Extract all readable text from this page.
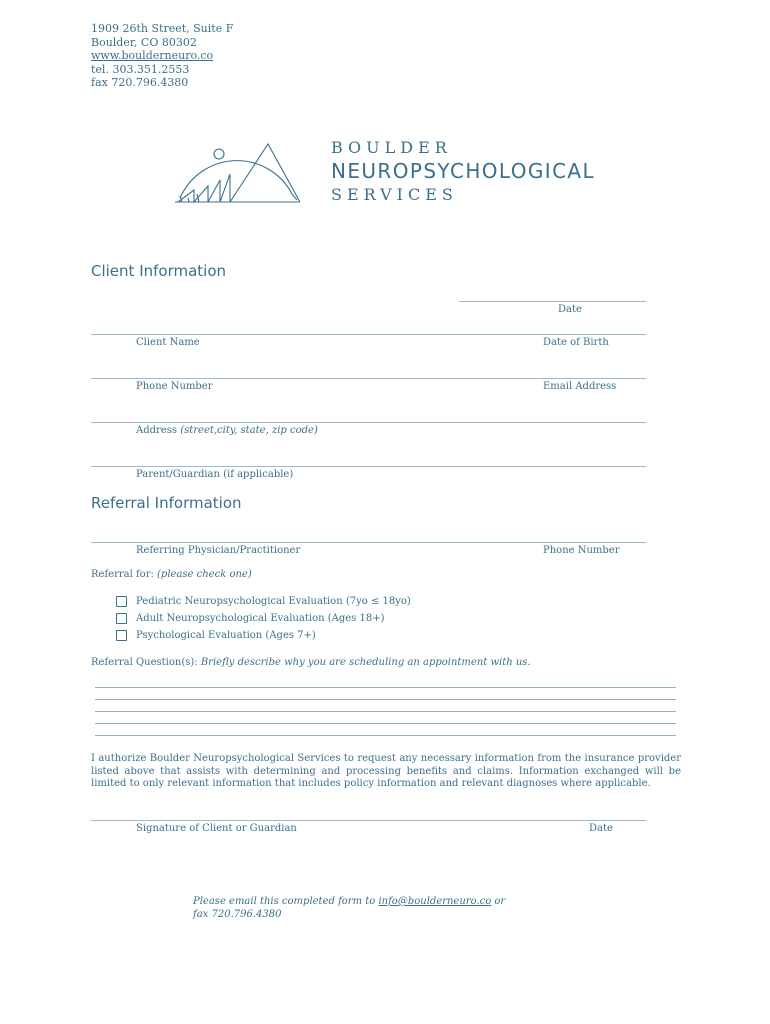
1909 26th Street, Suite F
Boulder, CO 80302
www.boulderneuro.co
tel. 303.351.2553
fax 720.796.4380
BOULDER
NEUROPSYCHOLOGICAL
SERVICES
Client Information
Date
Client Name	Date of Birth
Phone Number	Email Address
Address (street,city, state, zip code)
Parent/Guardian (if applicable)
Referral Information
Referring Physician/Practitioner	Phone Number
Referral for: (please check one)
Pediatric Neuropsychological Evaluation (7yo ≤ 18yo)
Adult Neuropsychological Evaluation (Ages 18+)
Psychological Evaluation (Ages 7+)
Referral Question(s): Briefly describe why you are scheduling an appointment with us.
I authorize Boulder Neuropsychological Services to request any necessary information from the insurance provider listed above that assists with determining and processing benefits and claims. Information exchanged will be limited to only relevant information that includes policy information and relevant diagnoses where applicable.
Signature of Client or Guardian	Date
Please email this completed form to info@boulderneuro.co or fax 720.796.4380
